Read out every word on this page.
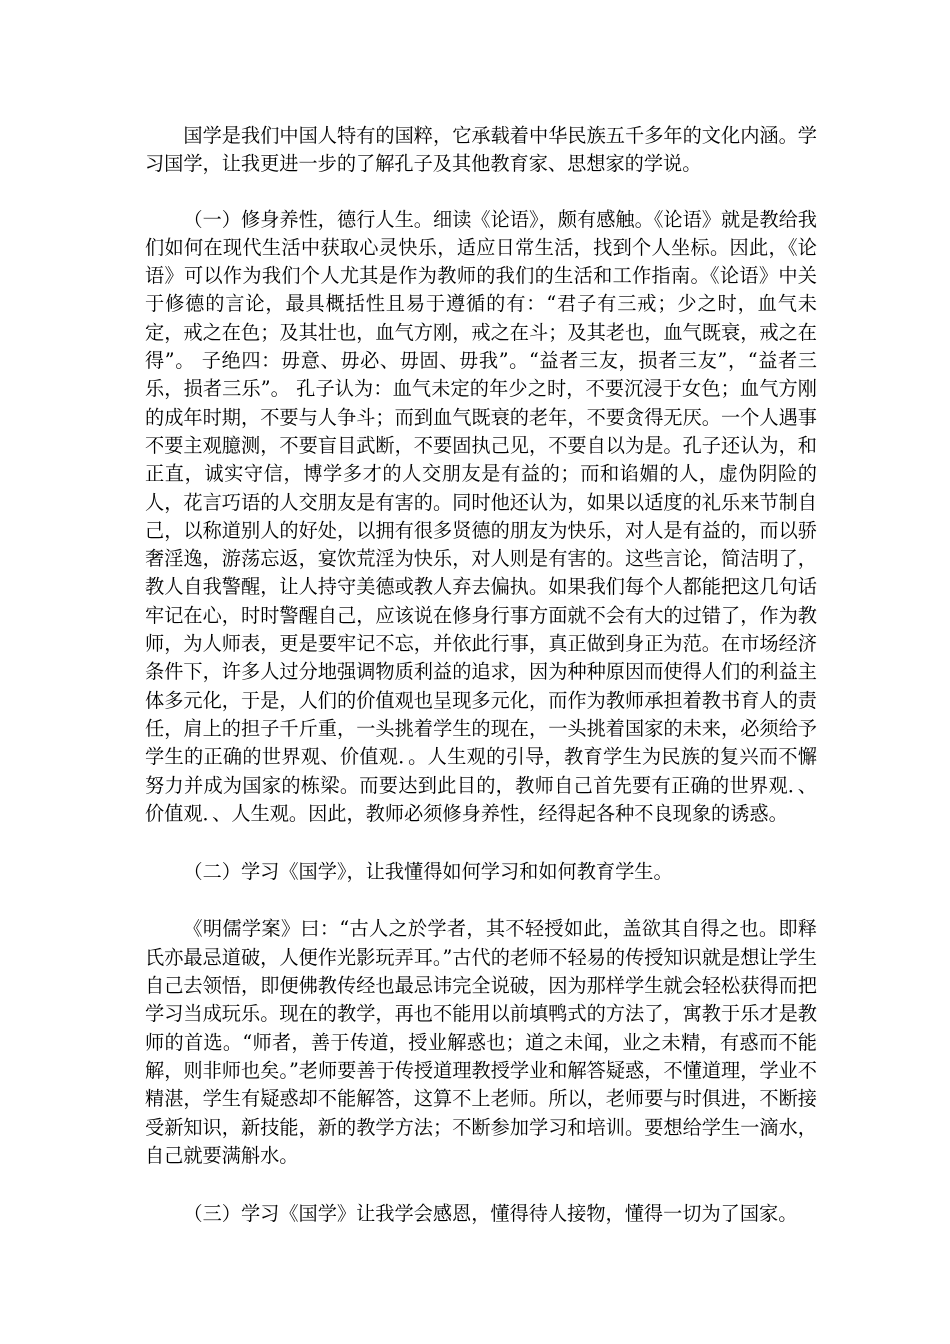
国学是我们中国人特有的国粹，它承载着中华民族五千多年的文化内涵。学习国学，让我更进一步的了解孔子及其他教育家、思想家的学说。

（一）修身养性，德行人生。细读《论语》，颇有感触。《论语》就是教给我们如何在现代生活中获取心灵快乐，适应日常生活，找到个人坐标。因此，《论语》可以作为我们个人尤其是作为教师的我们的生活和工作指南。《论语》中关于修德的言论，最具概括性且易于遵循的有：“君子有三戒；少之时，血气未定，戒之在色；及其壮也，血气方刚，戒之在斗；及其老也，血气既衰，戒之在得”。 子绝四：毋意、毋必、毋固、毋我”。“益者三友，损者三友”，“益者三乐，损者三乐”。 孔子认为：血气未定的年少之时，不要沉浸于女色；血气方刚的成年时期，不要与人争斗；而到血气既衰的老年，不要贪得无厌。一个人遇事不要主观臆测，不要盲目武断，不要固执己见，不要自以为是。孔子还认为，和正直，诚实守信，博学多才的人交朋友是有益的；而和谄媚的人，虚伪阴险的人，花言巧语的人交朋友是有害的。同时他还认为，如果以适度的礼乐来节制自己，以称道别人的好处，以拥有很多贤德的朋友为快乐，对人是有益的，而以骄奢淫逸，游荡忘返，宴饮荒淫为快乐，对人则是有害的。这些言论，简洁明了，教人自我警醒，让人持守美德或教人弃去偏执。如果我们每个人都能把这几句话牢记在心，时时警醒自己，应该说在修身行事方面就不会有大的过错了，作为教师，为人师表，更是要牢记不忘，并依此行事，真正做到身正为范。在市场经济条件下，许多人过分地强调物质利益的追求，因为种种原因而使得人们的利益主体多元化，于是，人们的价值观也呈现多元化，而作为教师承担着教书育人的责任，肩上的担子千斤重，一头挑着学生的现在，一头挑着国家的未来，必须给予学生的正确的世界观、价值观．。人生观的引导，教育学生为民族的复兴而不懈努力并成为国家的栋梁。而要达到此目的，教师自己首先要有正确的世界观．、价值观．、人生观。因此，教师必须修身养性，经得起各种不良现象的诱惑。

（二）学习《国学》，让我懂得如何学习和如何教育学生。

《明儒学案》曰：“古人之於学者，其不轻授如此，盖欲其自得之也。即释氏亦最忌道破，人便作光影玩弄耳。”古代的老师不轻易的传授知识就是想让学生自己去领悟，即便佛教传经也最忌讳完全说破，因为那样学生就会轻松获得而把学习当成玩乐。现在的教学，再也不能用以前填鸭式的方法了，寓教于乐才是教师的首选。“师者，善于传道，授业解惑也；道之未闻，业之未精，有惑而不能解，则非师也矣。”老师要善于传授道理教授学业和解答疑惑，不懂道理，学业不精湛，学生有疑惑却不能解答，这算不上老师。所以，老师要与时俱进，不断接受新知识，新技能，新的教学方法；不断参加学习和培训。要想给学生一滴水，自己就要满斛水。

（三）学习《国学》让我学会感恩，懂得待人接物，懂得一切为了国家。
